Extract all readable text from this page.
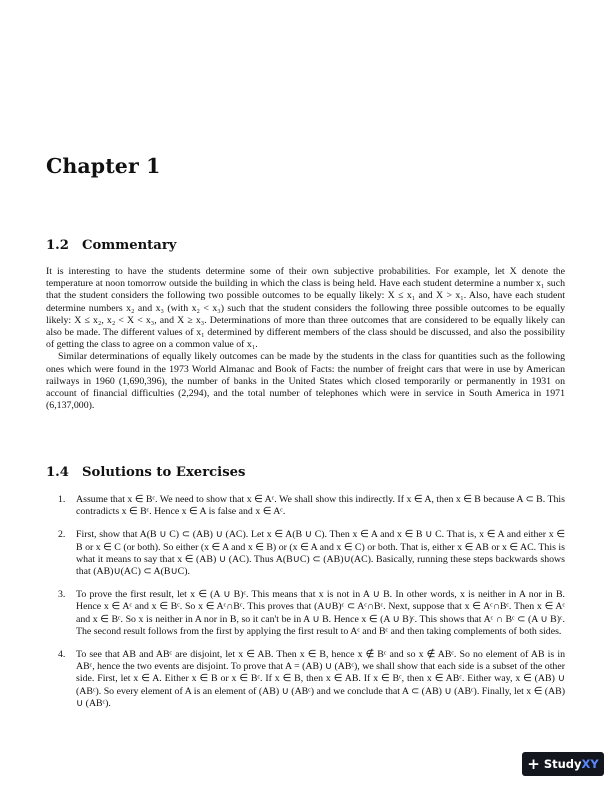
Chapter 1
1.2 Commentary

It is interesting to have the students determine some of their own subjective probabilities. For example, let X denote the temperature at noon tomorrow outside the building in which the class is being held. Have each student determine a number x₁ such that the student considers the following two possible outcomes to be equally likely: X ≤ x₁ and X > x₁. Also, have each student determine numbers x₂ and x₃ (with x₂ < x₃) such that the student considers the following three possible outcomes to be equally likely: X ≤ x₂, x₂ < X < x₃, and X ≥ x₃. Determinations of more than three outcomes that are considered to be equally likely can also be made. The different values of x₁ determined by different members of the class should be discussed, and also the possibility of getting the class to agree on a common value of x₁.

Similar determinations of equally likely outcomes can be made by the students in the class for quantities such as the following ones which were found in the 1973 World Almanac and Book of Facts: the number of freight cars that were in use by American railways in 1960 (1,690,396), the number of banks in the United States which closed temporarily or permanently in 1931 on account of financial difficulties (2,294), and the total number of telephones which were in service in South America in 1971 (6,137,000).

1.4 Solutions to Exercises
1. Assume that x ∈ Bᶜ. We need to show that x ∈ Aᶜ. We shall show this indirectly. If x ∈ A, then x ∈ B because A ⊂ B. This contradicts x ∈ Bᶜ. Hence x ∈ A is false and x ∈ Aᶜ.
2. First, show that A(B ∪ C) ⊂ (AB) ∪ (AC). Let x ∈ A(B ∪ C). Then x ∈ A and x ∈ B ∪ C. That is, x ∈ A and either x ∈ B or x ∈ C (or both). So either (x ∈ A and x ∈ B) or (x ∈ A and x ∈ C) or both. That is, either x ∈ AB or x ∈ AC. This is what it means to say that x ∈ (AB) ∪ (AC). Thus A(B∪C) ⊂ (AB)∪(AC). Basically, running these steps backwards shows that (AB)∪(AC) ⊂ A(B∪C).
3. To prove the first result, let x ∈ (A ∪ B)ᶜ. This means that x is not in A ∪ B. In other words, x is neither in A nor in B. Hence x ∈ Aᶜ and x ∈ Bᶜ. So x ∈ Aᶜ∩Bᶜ. This proves that (A∪B)ᶜ ⊂ Aᶜ∩Bᶜ. Next, suppose that x ∈ Aᶜ∩Bᶜ. Then x ∈ Aᶜ and x ∈ Bᶜ. So x is neither in A nor in B, so it can't be in A ∪ B. Hence x ∈ (A ∪ B)ᶜ. This shows that Aᶜ ∩ Bᶜ ⊂ (A ∪ B)ᶜ. The second result follows from the first by applying the first result to Aᶜ and Bᶜ and then taking complements of both sides.
4. To see that AB and ABᶜ are disjoint, let x ∈ AB. Then x ∈ B, hence x ∉ Bᶜ and so x ∉ ABᶜ. So no element of AB is in ABᶜ, hence the two events are disjoint. To prove that A = (AB) ∪ (ABᶜ), we shall show that each side is a subset of the other side. First, let x ∈ A. Either x ∈ B or x ∈ Bᶜ. If x ∈ B, then x ∈ AB. If x ∈ Bᶜ, then x ∈ ABᶜ. Either way, x ∈ (AB) ∪ (ABᶜ). So every element of A is an element of (AB) ∪ (ABᶜ) and we conclude that A ⊂ (AB) ∪ (ABᶜ). Finally, let x ∈ (AB) ∪ (ABᶜ).
+ Study XY
